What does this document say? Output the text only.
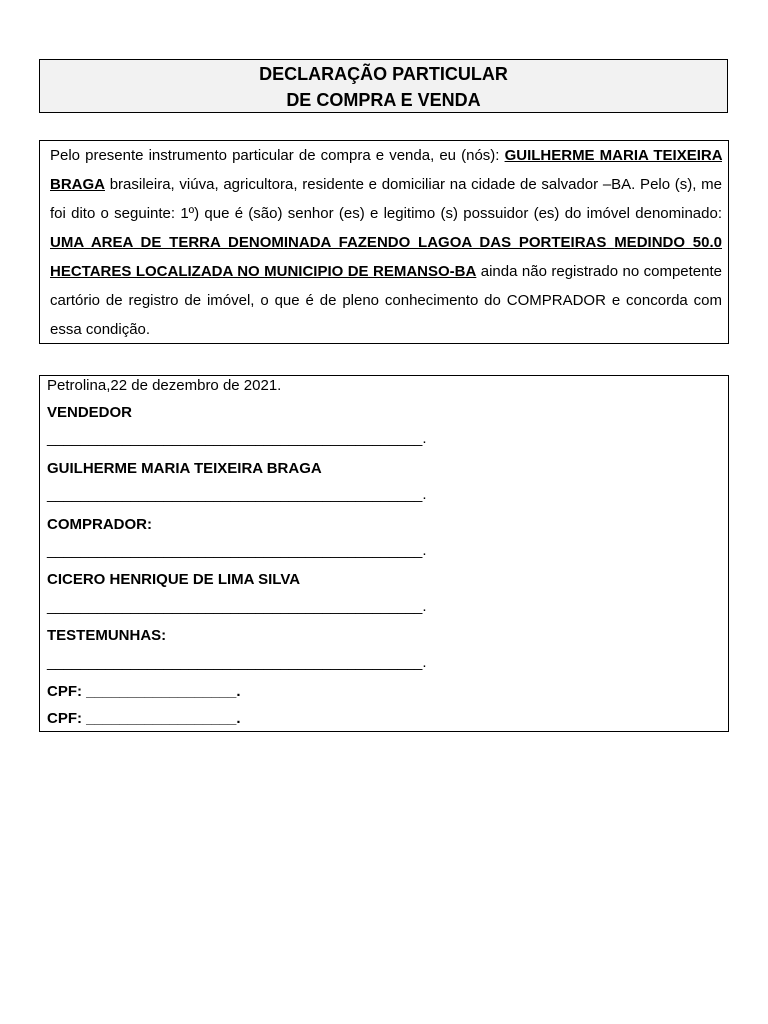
DECLARAÇÃO PARTICULAR
DE COMPRA E VENDA

Pelo presente instrumento particular de compra e venda, eu (nós): GUILHERME MARIA TEIXEIRA BRAGA brasileira, viúva, agricultora, residente e domiciliar na cidade de salvador –BA. Pelo (s), me foi dito o seguinte: 1º) que é (são) senhor (es) e legitimo (s) possuidor (es) do imóvel denominado: UMA AREA DE TERRA DENOMINADA FAZENDO LAGOA DAS PORTEIRAS MEDINDO 50.0 HECTARES LOCALIZADA NO MUNICIPIO DE REMANSO-BA ainda não registrado no competente cartório de registro de imóvel, o que é de pleno conhecimento do COMPRADOR e concorda com essa condição.

Petrolina,22 de dezembro de 2021.
VENDEDOR
_____________________________________________.
GUILHERME MARIA TEIXEIRA BRAGA
_____________________________________________.
COMPRADOR:
_____________________________________________.
CICERO HENRIQUE DE LIMA SILVA
_____________________________________________.
TESTEMUNHAS:
_____________________________________________.
CPF: __________________.
CPF: __________________.
